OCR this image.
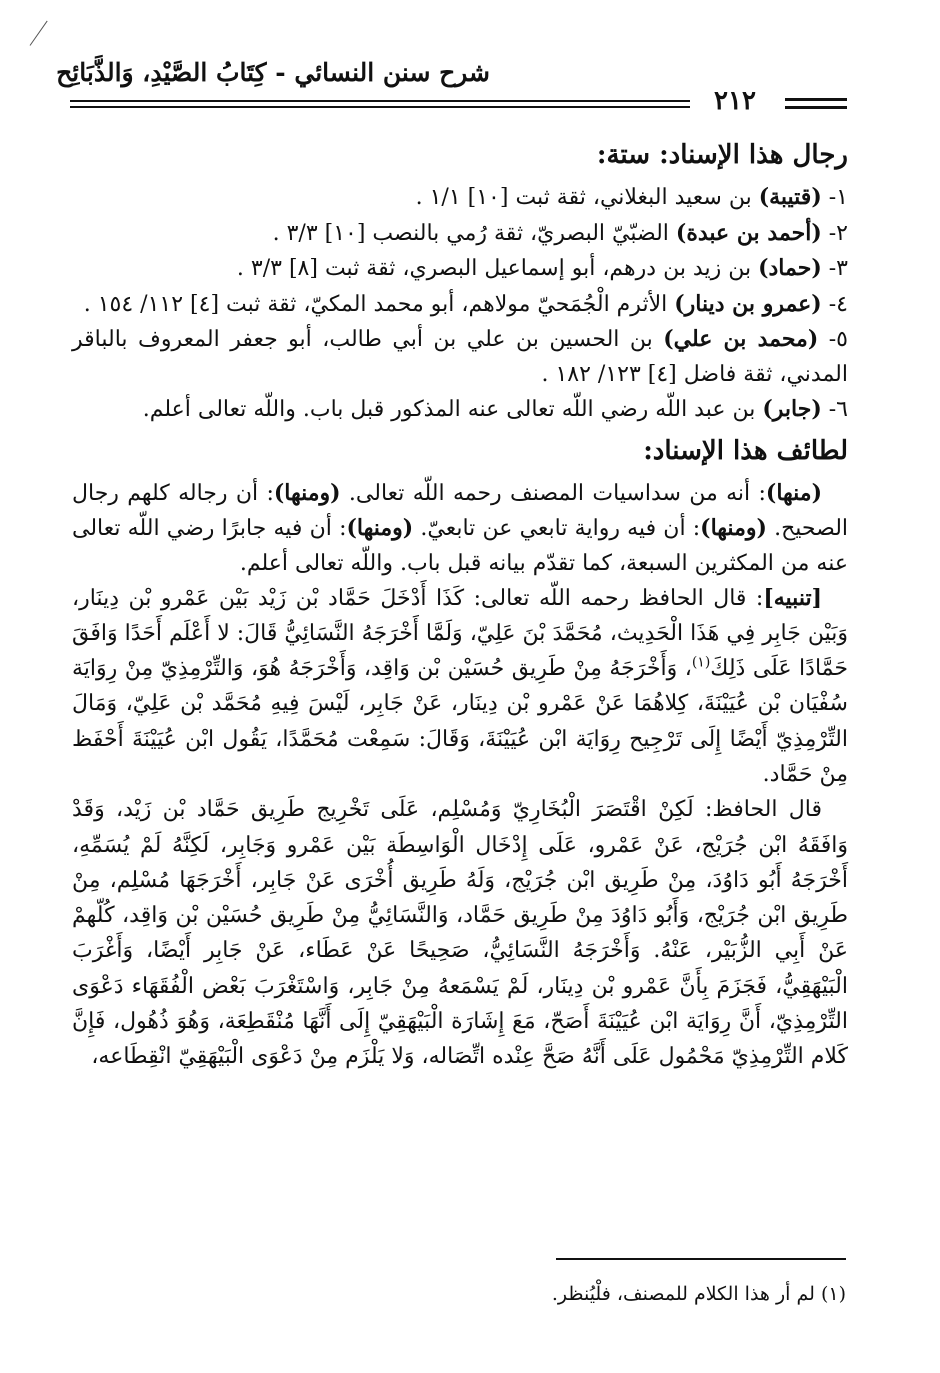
شرح سنن النسائي - كِتَابُ الصَّيْدِ، وَالذَّبَائِح
٢١٢
رجال هذا الإسناد: ستة:

١- (قتيبة) بن سعيد البغلاني، ثقة ثبت [١٠] ١/١ .

٢- (أحمد بن عبدة) الضبّيّ البصريّ، ثقة رُمي بالنصب [١٠] ٣/٣ .

٣- (حماد) بن زيد بن درهم، أبو إسماعيل البصري، ثقة ثبت [٨] ٣/٣ .

٤- (عمرو بن دينار) الأثرم الْجُمَحيّ مولاهم، أبو محمد المكيّ، ثقة ثبت [٤] ١١٢/ ١٥٤ .

٥- (محمد بن علي) بن الحسين بن علي بن أبي طالب، أبو جعفر المعروف بالباقر المدني، ثقة فاضل [٤] ١٢٣/ ١٨٢ .

٦- (جابر) بن عبد اللّه رضي اللّه تعالى عنه المذكور قبل باب. واللّه تعالى أعلم.

لطائف هذا الإسناد:

(منها): أنه من سداسيات المصنف رحمه اللّه تعالى. (ومنها): أن رجاله كلهم رجال الصحيح. (ومنها): أن فيه رواية تابعي عن تابعيّ. (ومنها): أن فيه جابرًا رضي اللّه تعالى عنه من المكثرين السبعة، كما تقدّم بيانه قبل باب. واللّه تعالى أعلم.

[تنبيه]: قال الحافظ رحمه اللّه تعالى: كَذَا أَدْخَلَ حَمَّاد بْن زَيْد بَيْن عَمْرو بْن دِينَار، وَبَيْن جَابِر فِي هَذَا الْحَدِيث، مُحَمَّدَ بْنَ عَلِيّ، وَلَمَّا أَخْرَجَهُ النَّسَائِيُّ قَالَ: لا أَعْلَم أَحَدًا وَافَقَ حَمَّادًا عَلَى ذَلِكَ$^{(١)}$، وَأَخْرَجَهُ مِنْ طَرِيق حُسَيْن بْن وَاقِد، وَأَخْرَجَهُ هُوَ، وَالتِّرْمِذِيّ مِنْ رِوَايَة سُفْيَان بْن عُيَيْنَةَ، كِلاهُمَا عَنْ عَمْرو بْن دِينَار، عَنْ جَابِر، لَيْسَ فِيهِ مُحَمَّد بْن عَلِيّ، وَمَالَ التِّرْمِذِيّ أَيْضًا إِلَى تَرْجِيح رِوَايَة ابْن عُيَيْنَةَ، وَقَالَ: سَمِعْت مُحَمَّدًا، يَقُول ابْن عُيَيْنَةَ أَحْفَظ مِنْ حَمَّاد.

قال الحافظ: لَكِنْ اقْتَصَرَ الْبُخَارِيّ وَمُسْلِم، عَلَى تَخْرِيج طَرِيق حَمَّاد بْن زَيْد، وَقَدْ وَافَقَهُ ابْن جُرَيْج، عَنْ عَمْرو، عَلَى إِدْخَال الْوَاسِطَة بَيْن عَمْرو وَجَابِر، لَكِنَّهُ لَمْ يُسَمِّهِ، أَخْرَجَهُ أَبُو دَاوُدَ، مِنْ طَرِيق ابْن جُرَيْج، وَلَهُ طَرِيق أُخْرَى عَنْ جَابِر، أَخْرَجَهَا مُسْلِم، مِنْ طَرِيق ابْن جُرَيْج، وَأَبُو دَاوُدَ مِنْ طَرِيق حَمَّاد، وَالنَّسَائِيُّ مِنْ طَرِيق حُسَيْن بْن وَاقِد، كُلّهمْ عَنْ أَبِي الزُّبَيْر، عَنْهُ. وَأَخْرَجَهُ النَّسَائِيُّ، صَحِيحًا عَنْ عَطَاء، عَنْ جَابِر أَيْضًا، وَأَغْرَبَ الْبَيْهَقِيُّ، فَجَزَمَ بِأَنَّ عَمْرو بْن دِينَار، لَمْ يَسْمَعهُ مِنْ جَابِر، وَاسْتَغْرَبَ بَعْض الْفُقَهَاء دَعْوَى التِّرْمِذِيّ، أَنَّ رِوَايَة ابْن عُيَيْنَةَ أَصَحّ، مَعَ إِشَارَة الْبَيْهَقِيّ إِلَى أَنَّهَا مُنْقَطِعَة، وَهُوَ ذُهُول، فَإِنَّ كَلام التِّرْمِذِيّ مَحْمُول عَلَى أَنَّهُ صَحَّ عِنْده اتِّصَاله، وَلا يَلْزَم مِنْ دَعْوَى الْبَيْهَقِيّ انْقِطَاعه،

(١) لم أر هذا الكلام للمصنف، فلْيُنظر.
